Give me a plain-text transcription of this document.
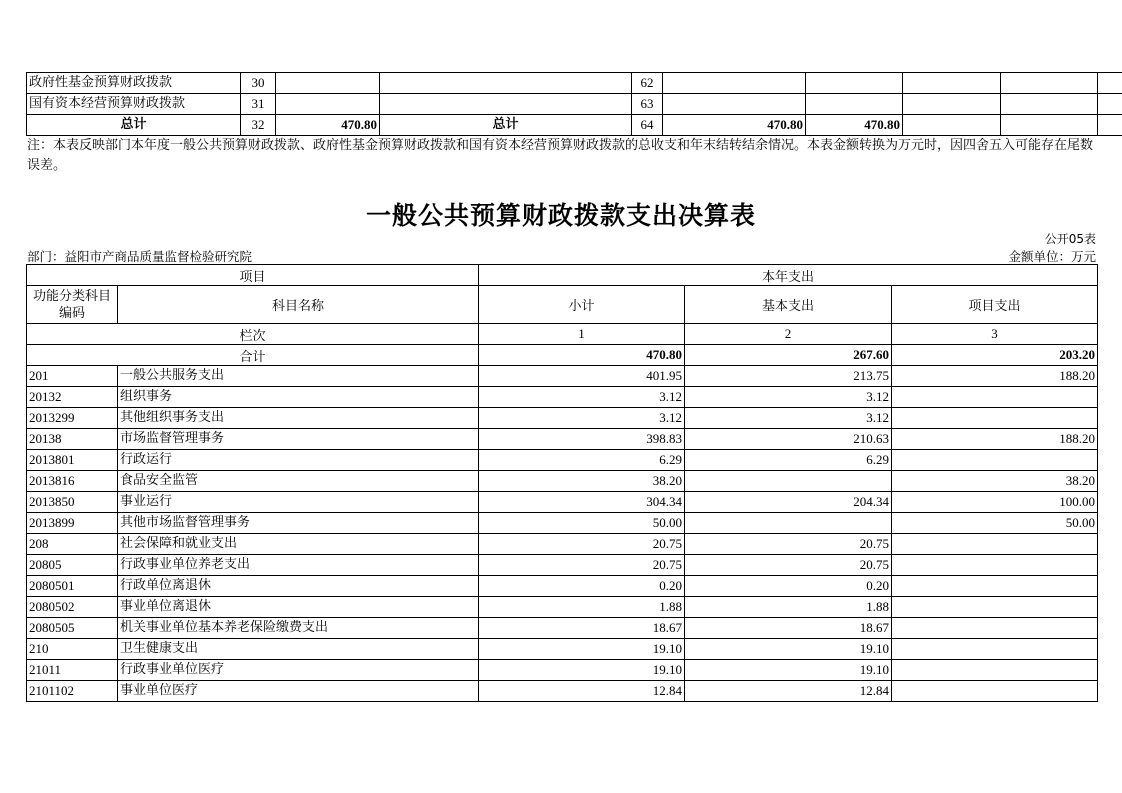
政府性基金预算财政拨款	30			62					
国有资本经营预算财政拨款	31			63					
总计	32	470.80	总计	64	470.80	470.80			
注：本表反映部门本年度一般公共预算财政拨款、政府性基金预算财政拨款和国有资本经营预算财政拨款的总收支和年末结转结余情况。本表金额转换为万元时，因四舍五入可能存在尾数误差。
一般公共预算财政拨款支出决算表
公开05表
部门：益阳市产商品质量监督检验研究院	金额单位：万元
项目		本年支出		
功能分类科目编码	科目名称	小计	基本支出	项目支出
栏次		1	2	3
合计		470.80	267.60	203.20
201	一般公共服务支出	401.95	213.75	188.20
20132	组织事务	3.12	3.12	
2013299	其他组织事务支出	3.12	3.12	
20138	市场监督管理事务	398.83	210.63	188.20
2013801	行政运行	6.29	6.29	
2013816	食品安全监管	38.20		38.20
2013850	事业运行	304.34	204.34	100.00
2013899	其他市场监督管理事务	50.00		50.00
208	社会保障和就业支出	20.75	20.75	
20805	行政事业单位养老支出	20.75	20.75	
2080501	行政单位离退休	0.20	0.20	
2080502	事业单位离退休	1.88	1.88	
2080505	机关事业单位基本养老保险缴费支出	18.67	18.67	
210	卫生健康支出	19.10	19.10	
21011	行政事业单位医疗	19.10	19.10	
2101102	事业单位医疗	12.84	12.84	
